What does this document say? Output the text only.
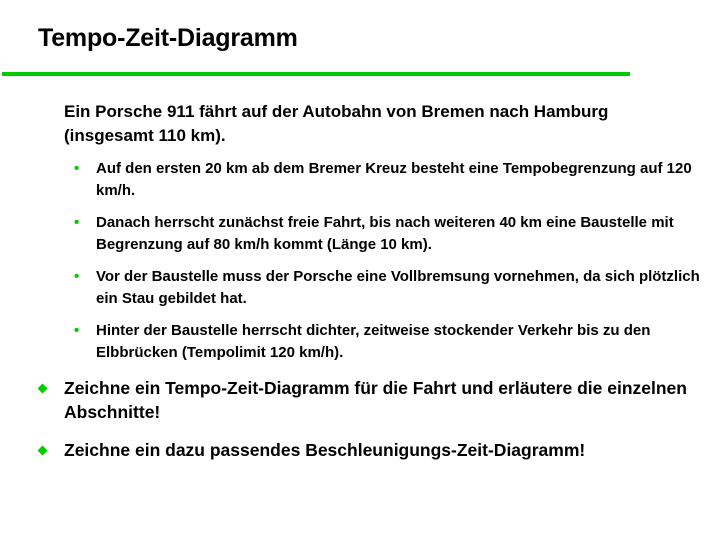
Tempo-Zeit-Diagramm
Ein Porsche 911 fährt auf der Autobahn von Bremen nach Hamburg (insgesamt 110 km).
• Auf den ersten 20 km ab dem Bremer Kreuz besteht eine Tempobegrenzung auf 120 km/h.
• Danach herrscht zunächst freie Fahrt, bis nach weiteren 40 km eine Baustelle mit Begrenzung auf 80 km/h kommt (Länge 10 km).
• Vor der Baustelle muss der Porsche eine Vollbremsung vornehmen, da sich plötzlich ein Stau gebildet hat.
• Hinter der Baustelle herrscht dichter, zeitweise stockender Verkehr bis zu den Elbbrücken (Tempolimit 120 km/h).
Zeichne ein Tempo-Zeit-Diagramm für die Fahrt und erläutere die einzelnen Abschnitte!
Zeichne ein dazu passendes Beschleunigungs-Zeit-Diagramm!
